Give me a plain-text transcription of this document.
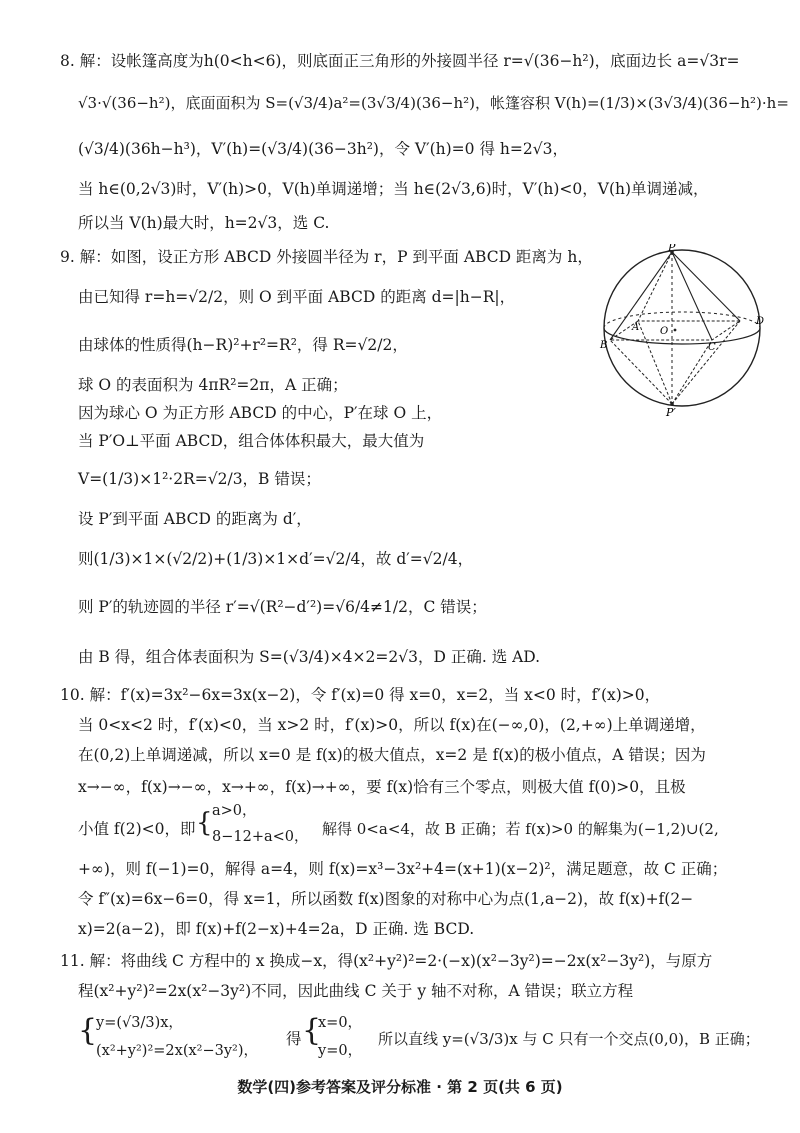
8. 解：设帐篷高度为h(0<h<6)，则底面正三角形的外接圆半径 r=√(36−h²)，底面边长 a=√3r=
√3·√(36−h²)，底面面积为 S=(√3/4)a²=(3√3/4)(36−h²)，帐篷容积 V(h)=(1/3)×(3√3/4)(36−h²)·h=
(√3/4)(36h−h³)，V′(h)=(√3/4)(36−3h²)，令 V′(h)=0 得 h=2√3，
当 h∈(0,2√3)时，V′(h)>0，V(h)单调递增；当 h∈(2√3,6)时，V′(h)<0，V(h)单调递减，
所以当 V(h)最大时，h=2√3，选 C.
9. 解：如图，设正方形 ABCD 外接圆半径为 r，P 到平面 ABCD 距离为 h，
由已知得 r=h=√2/2，则 O 到平面 ABCD 的距离 d=|h−R|，
由球体的性质得(h−R)²+r²=R²，得 R=√2/2，
球 O 的表面积为 4πR²=2π，A 正确；
因为球心 O 为正方形 ABCD 的中心，P′在球 O 上，
当 P′O⊥平面 ABCD，组合体体积最大，最大值为
V=(1/3)×1²·2R=√2/3，B 错误；
设 P′到平面 ABCD 的距离为 d′，
则(1/3)×1×(√2/2)+(1/3)×1×d′=√2/4，故 d′=√2/4，
则 P′的轨迹圆的半径 r′=√(R²−d′²)=√6/4≠1/2，C 错误；
由 B 得，组合体表面积为 S=(√3/4)×4×2=2√3，D 正确. 选 AD.
P
P′
A
B	C
D
O
10. 解：f′(x)=3x²−6x=3x(x−2)，令 f′(x)=0 得 x=0，x=2，当 x<0 时，f′(x)>0，
当 0<x<2 时，f′(x)<0，当 x>2 时，f′(x)>0，所以 f(x)在(−∞,0)，(2,+∞)上单调递增，
在(0,2)上单调递减，所以 x=0 是 f(x)的极大值点，x=2 是 f(x)的极小值点，A 错误；因为
x→−∞，f(x)→−∞，x→+∞，f(x)→+∞，要 f(x)恰有三个零点，则极大值 f(0)>0，且极
小值 f(2)<0，即 { a>0，
8−12+a<0， 解得 0<a<4，故 B 正确；若 f(x)>0 的解集为(−1,2)∪(2,
+∞)，则 f(−1)=0，解得 a=4，则 f(x)=x³−3x²+4=(x+1)(x−2)²，满足题意，故 C 正确；
令 f″(x)=6x−6=0，得 x=1，所以函数 f(x)图象的对称中心为点(1,a−2)，故 f(x)+f(2−
x)=2(a−2)，即 f(x)+f(2−x)+4=2a，D 正确. 选 BCD.
11. 解：将曲线 C 方程中的 x 换成−x，得(x²+y²)²=2·(−x)(x²−3y²)=−2x(x²−3y²)，与原方
程(x²+y²)²=2x(x²−3y²)不同，因此曲线 C 关于 y 轴不对称，A 错误；联立方程
{
y=(√3/3)x，
(x²+y²)²=2x(x²−3y²)，
得 {
x=0，
y=0，
所以直线 y=(√3/3)x 与 C 只有一个交点(0,0)，B 正确；
数学(四)参考答案及评分标准 · 第 2 页(共 6 页)
